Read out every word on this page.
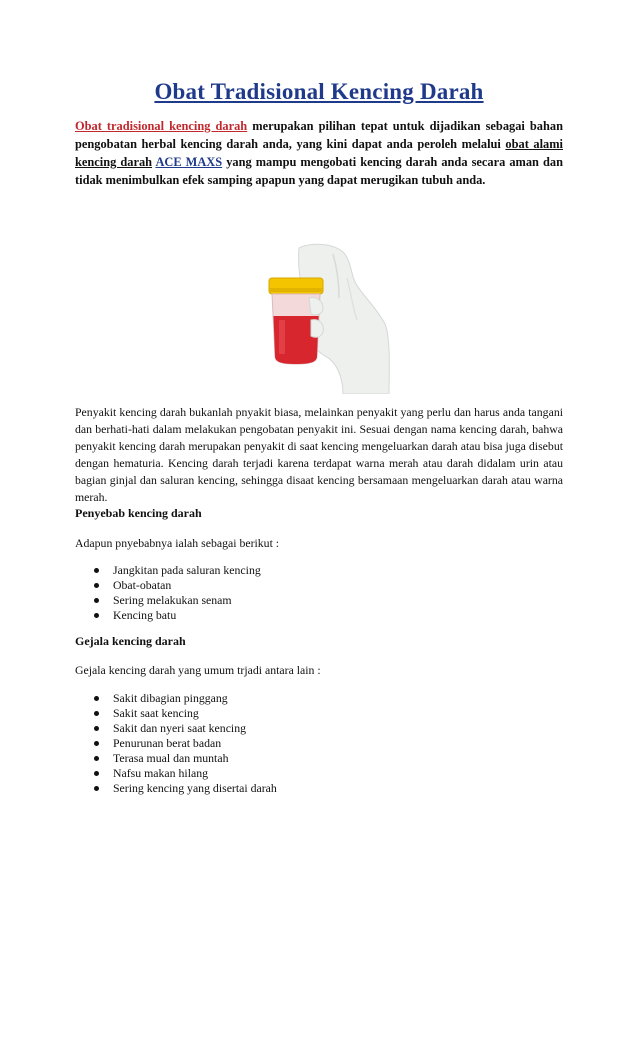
Obat Tradisional Kencing Darah

Obat tradisional kencing darah merupakan pilihan tepat untuk dijadikan sebagai bahan pengobatan herbal kencing darah anda, yang kini dapat anda peroleh melalui obat alami kencing darah ACE MAXS yang mampu mengobati kencing darah anda secara aman dan tidak menimbulkan efek samping apapun yang dapat merugikan tubuh anda.

Penyakit kencing darah bukanlah pnyakit biasa, melainkan penyakit yang perlu dan harus anda tangani dan berhati-hati dalam melakukan pengobatan penyakit ini. Sesuai dengan nama kencing darah, bahwa penyakit kencing darah merupakan penyakit di saat kencing mengeluarkan darah atau bisa juga disebut dengan hematuria. Kencing darah terjadi karena terdapat warna merah atau darah didalam urin atau bagian ginjal dan saluran kencing, sehingga disaat kencing bersamaan mengeluarkan darah atau warna merah.

Penyebab kencing darah

Adapun pnyebabnya ialah sebagai berikut :

Jangkitan pada saluran kencing
Obat-obatan
Sering melakukan senam
Kencing batu

Gejala kencing darah

Gejala kencing darah yang umum trjadi antara lain :

Sakit dibagian pinggang
Sakit saat kencing
Sakit dan nyeri saat kencing
Penurunan berat badan
Terasa mual dan muntah
Nafsu makan hilang
Sering kencing yang disertai darah
